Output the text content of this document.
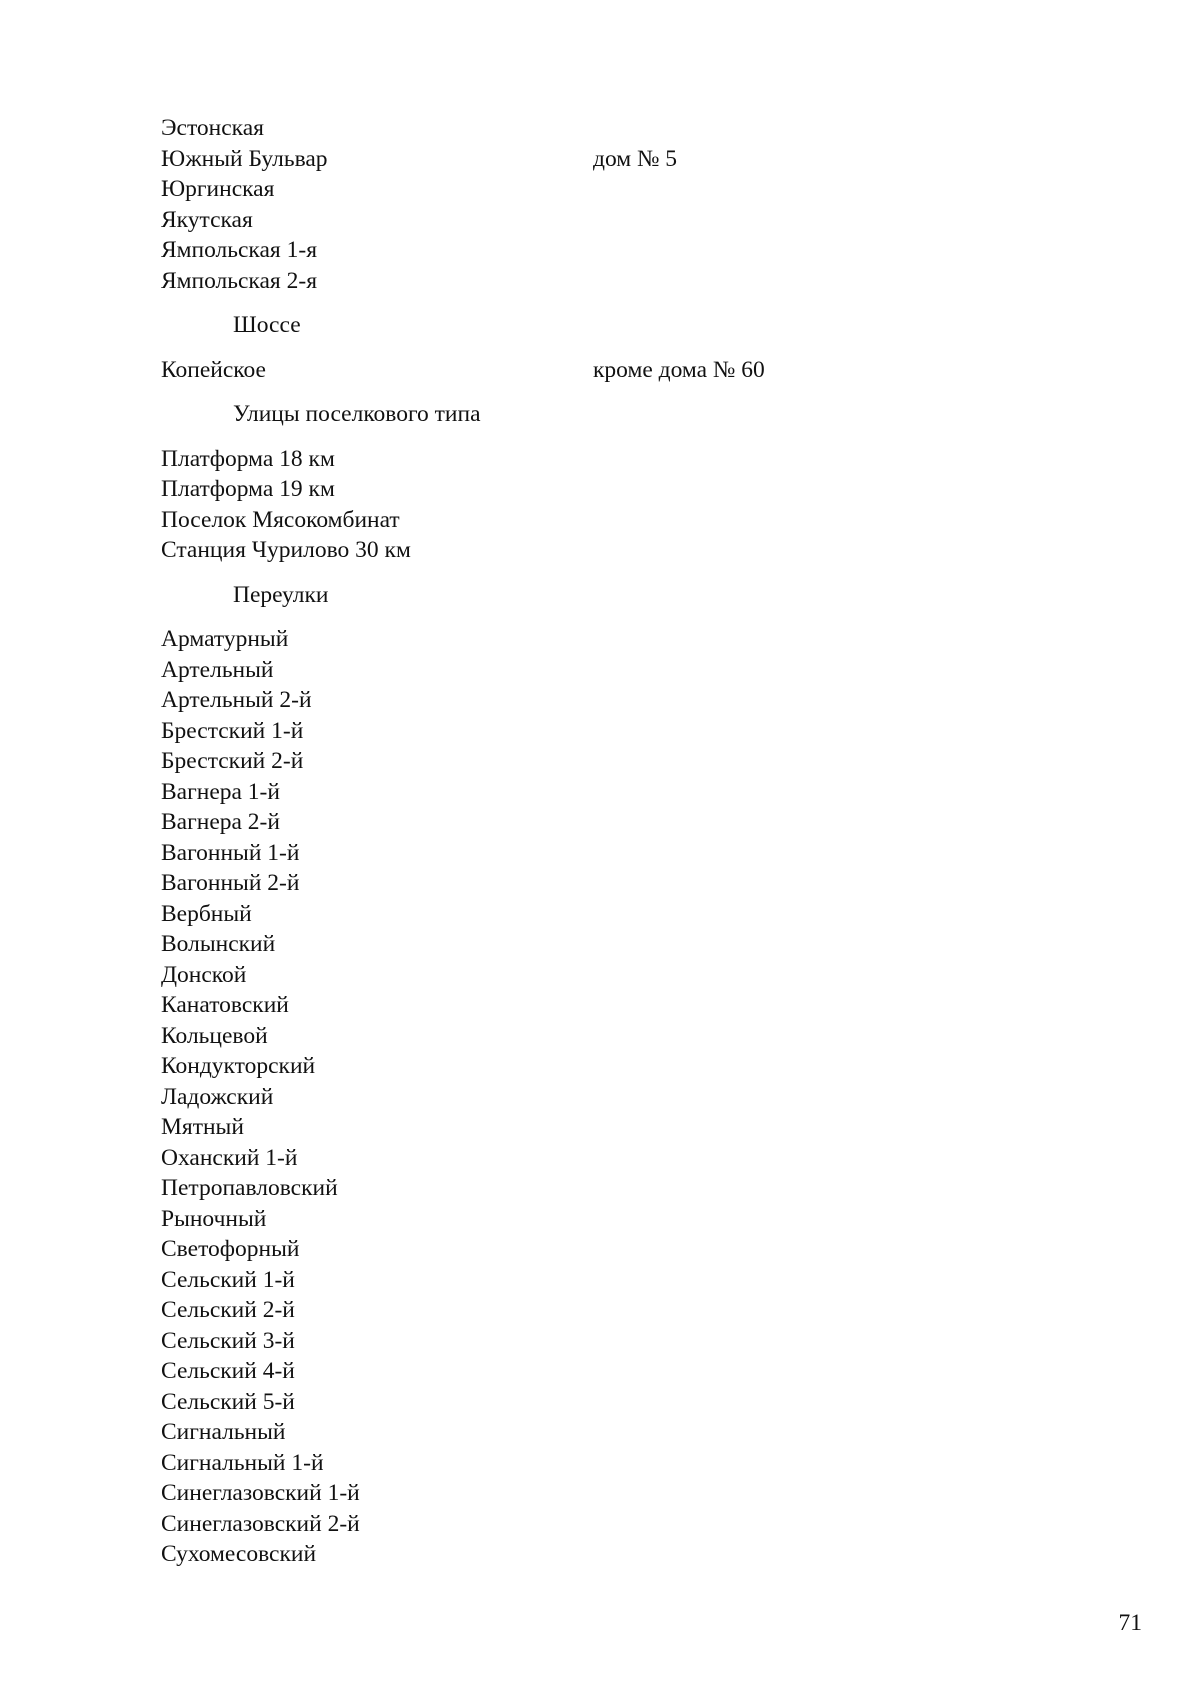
Эстонская
Южный Бульвар	дом № 5
Юргинская
Якутская
Ямпольская 1-я
Ямпольская 2-я
Шоссе
Копейское	кроме дома № 60
Улицы поселкового типа
Платформа 18 км
Платформа 19 км
Поселок Мясокомбинат
Станция Чурилово 30 км
Переулки
Арматурный
Артельный
Артельный 2-й
Брестский 1-й
Брестский 2-й
Вагнера 1-й
Вагнера 2-й
Вагонный 1-й
Вагонный 2-й
Вербный
Волынский
Донской
Канатовский
Кольцевой
Кондукторский
Ладожский
Мятный
Оханский 1-й
Петропавловский
Рыночный
Светофорный
Сельский 1-й
Сельский 2-й
Сельский 3-й
Сельский 4-й
Сельский 5-й
Сигнальный
Сигнальный 1-й
Синеглазовский 1-й
Синеглазовский 2-й
Сухомесовский
71
